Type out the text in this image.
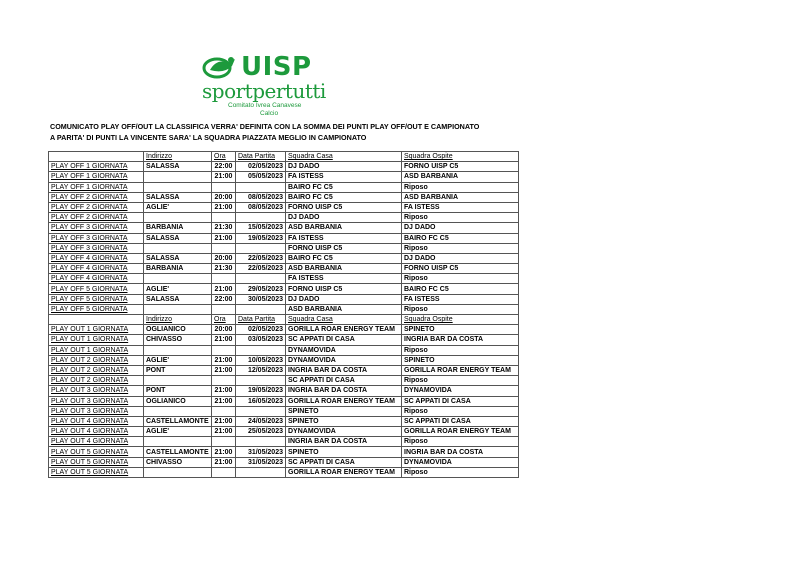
UISP
sportpertutti
Comitato Ivrea Canavese
Calcio
COMUNICATO PLAY OFF/OUT LA CLASSIFICA VERRA' DEFINITA CON LA SOMMA DEI PUNTI PLAY OFF/OUT E CAMPIONATO
A PARITA' DI PUNTI LA VINCENTE SARA' LA SQUADRA PIAZZATA MEGLIO IN CAMPIONATO
	Indirizzo	Ora	Data Partita	Squadra Casa	Squadra Ospite
PLAY OFF 1 GIORNATA	SALASSA	22:00	02/05/2023	DJ DADO	FORNO UISP C5
PLAY OFF 1 GIORNATA		21:00	05/05/2023	FA ISTESS	ASD BARBANIA
PLAY OFF 1 GIORNATA				BAIRO FC C5	Riposo
PLAY OFF 2 GIORNATA	SALASSA	20:00	08/05/2023	BAIRO FC C5	ASD BARBANIA
PLAY OFF 2 GIORNATA	AGLIE'	21:00	08/05/2023	FORNO UISP C5	FA ISTESS
PLAY OFF 2 GIORNATA				DJ DADO	Riposo
PLAY OFF 3 GIORNATA	BARBANIA	21:30	15/05/2023	ASD BARBANIA	DJ DADO
PLAY OFF 3 GIORNATA	SALASSA	21:00	19/05/2023	FA ISTESS	BAIRO FC C5
PLAY OFF 3 GIORNATA				FORNO UISP C5	Riposo
PLAY OFF 4 GIORNATA	SALASSA	20:00	22/05/2023	BAIRO FC C5	DJ DADO
PLAY OFF 4 GIORNATA	BARBANIA	21:30	22/05/2023	ASD BARBANIA	FORNO UISP C5
PLAY OFF 4 GIORNATA				FA ISTESS	Riposo
PLAY OFF 5 GIORNATA	AGLIE'	21:00	29/05/2023	FORNO UISP C5	BAIRO FC C5
PLAY OFF 5 GIORNATA	SALASSA	22:00	30/05/2023	DJ DADO	FA ISTESS
PLAY OFF 5 GIORNATA				ASD BARBANIA	Riposo
	Indirizzo	Ora	Data Partita	Squadra Casa	Squadra Ospite
PLAY OUT 1 GIORNATA	OGLIANICO	20:00	02/05/2023	GORILLA ROAR ENERGY TEAM	SPINETO
PLAY OUT 1 GIORNATA	CHIVASSO	21:00	03/05/2023	SC APPATI DI CASA	INGRIA BAR DA COSTA
PLAY OUT 1 GIORNATA				DYNAMOVIDA	Riposo
PLAY OUT 2 GIORNATA	AGLIE'	21:00	10/05/2023	DYNAMOVIDA	SPINETO
PLAY OUT 2 GIORNATA	PONT	21:00	12/05/2023	INGRIA BAR DA COSTA	GORILLA ROAR ENERGY TEAM
PLAY OUT 2 GIORNATA				SC APPATI DI CASA	Riposo
PLAY OUT 3 GIORNATA	PONT	21:00	19/05/2023	INGRIA BAR DA COSTA	DYNAMOVIDA
PLAY OUT 3 GIORNATA	OGLIANICO	21:00	16/05/2023	GORILLA ROAR ENERGY TEAM	SC APPATI DI CASA
PLAY OUT 3 GIORNATA				SPINETO	Riposo
PLAY OUT 4 GIORNATA	CASTELLAMONTE	21:00	24/05/2023	SPINETO	SC APPATI DI CASA
PLAY OUT 4 GIORNATA	AGLIE'	21:00	25/05/2023	DYNAMOVIDA	GORILLA ROAR ENERGY TEAM
PLAY OUT 4 GIORNATA				INGRIA BAR DA COSTA	Riposo
PLAY OUT 5 GIORNATA	CASTELLAMONTE	21:00	31/05/2023	SPINETO	INGRIA BAR DA COSTA
PLAY OUT 5 GIORNATA	CHIVASSO	21:00	31/05/2023	SC APPATI DI CASA	DYNAMOVIDA
PLAY OUT 5 GIORNATA				GORILLA ROAR ENERGY TEAM	Riposo
